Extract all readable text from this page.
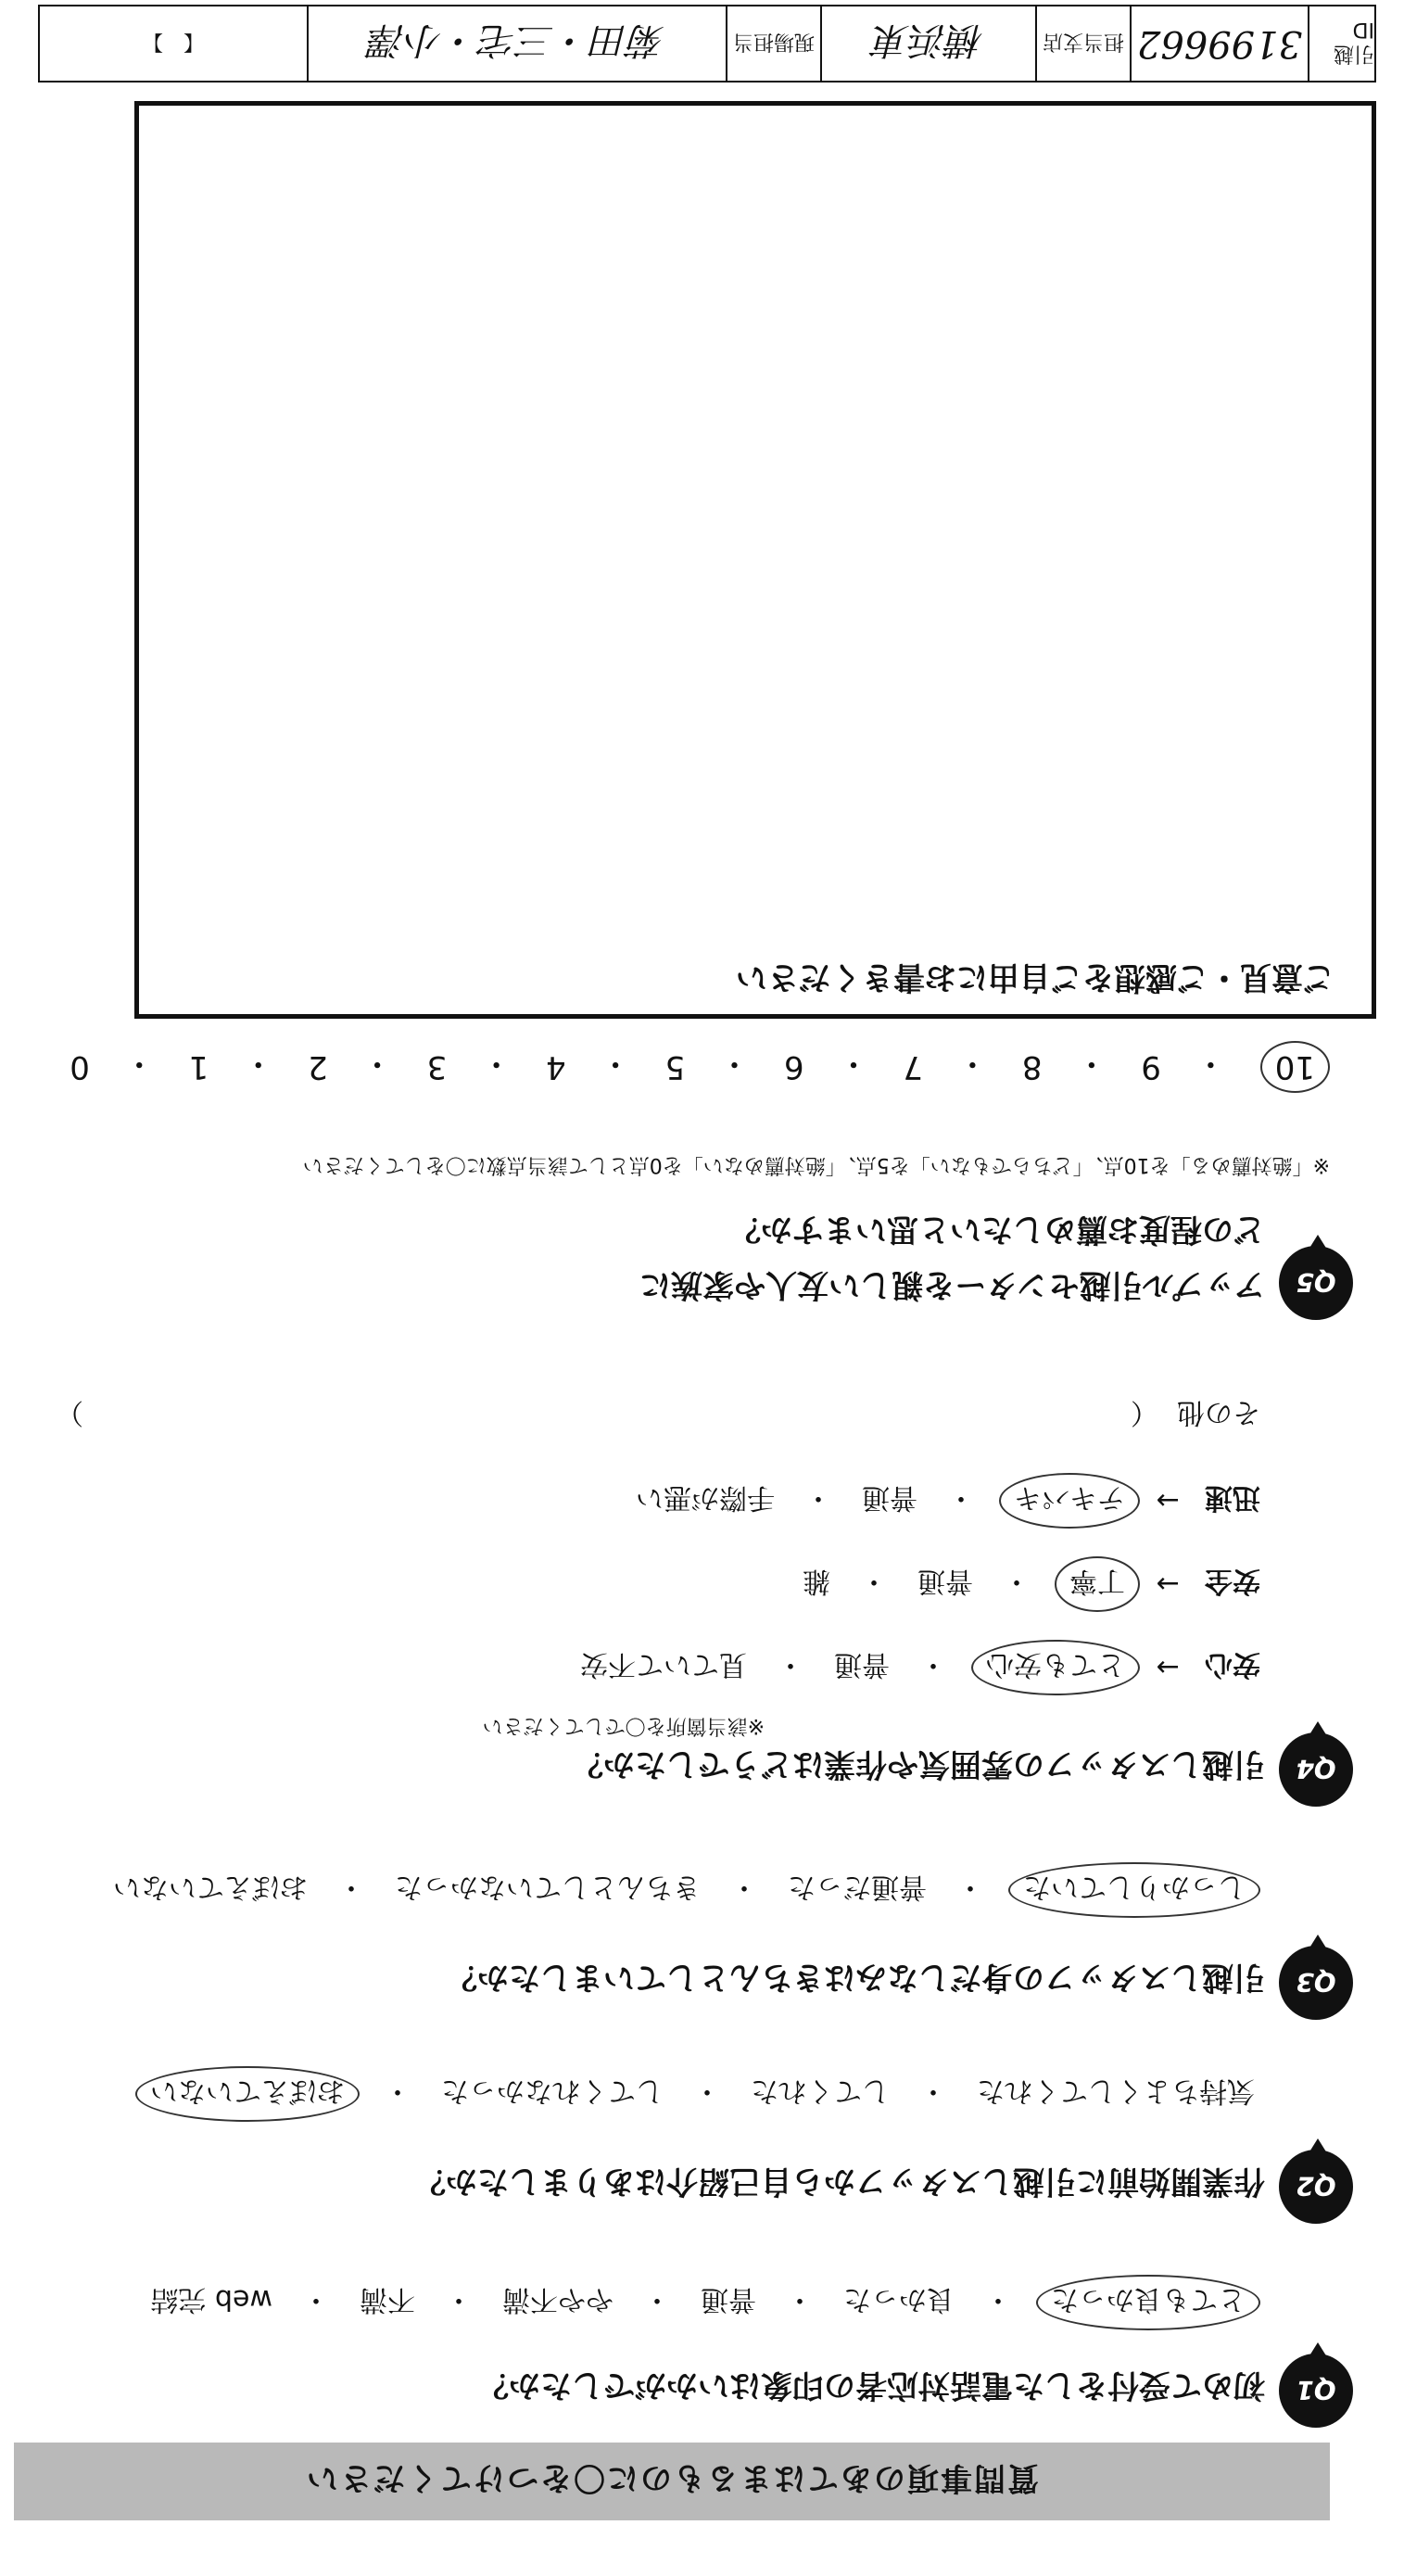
質問事項のあてはまるものに〇をつけてください
Q1
初めて受付をした電話対応者の印象はいかがでしたか？
とても良かった
・
良かった
・
普通
・
やや不満
・
不満
・
web 完結
Q2
作業開始前に引越しスタッフから自己紹介はありましたか？
気持ちよくしてくれた
・
してくれた
・
してくれなかった
・
おぼえていない
Q3
引越しスタッフの身だしなみはきちんとしていましたか？
しっかりしていた
・
普通だった
・
きちんとしていなかった
・
おぼえていない
Q4
引越しスタッフの雰囲気や作業はどうでしたか？
※該当箇所を〇でしてください
安心
→
とても安心
・
普通
・
見ていて不安
安全
→
丁寧
・
普通
・
雑
迅速
→
テキパキ
・
普通
・
手際が悪い
その他
（
）
Q5
アップル引越センターを親しい友人や家族に
どの程度お薦めしたいと思いますか？
※「絶対薦める」を10点、「どちらでもない」を5点、「絶対薦めない」を0点として該当点数に〇をしてください
10
・
9
・
8
・
7
・
6
・
5
・
4
・
3
・
2
・
1
・
0
ご意見・ご感想をご自由にお書きください
引越 ID
3199662
担当支店
横浜東
現場担当
菊田・三宅・小澤
【　】
